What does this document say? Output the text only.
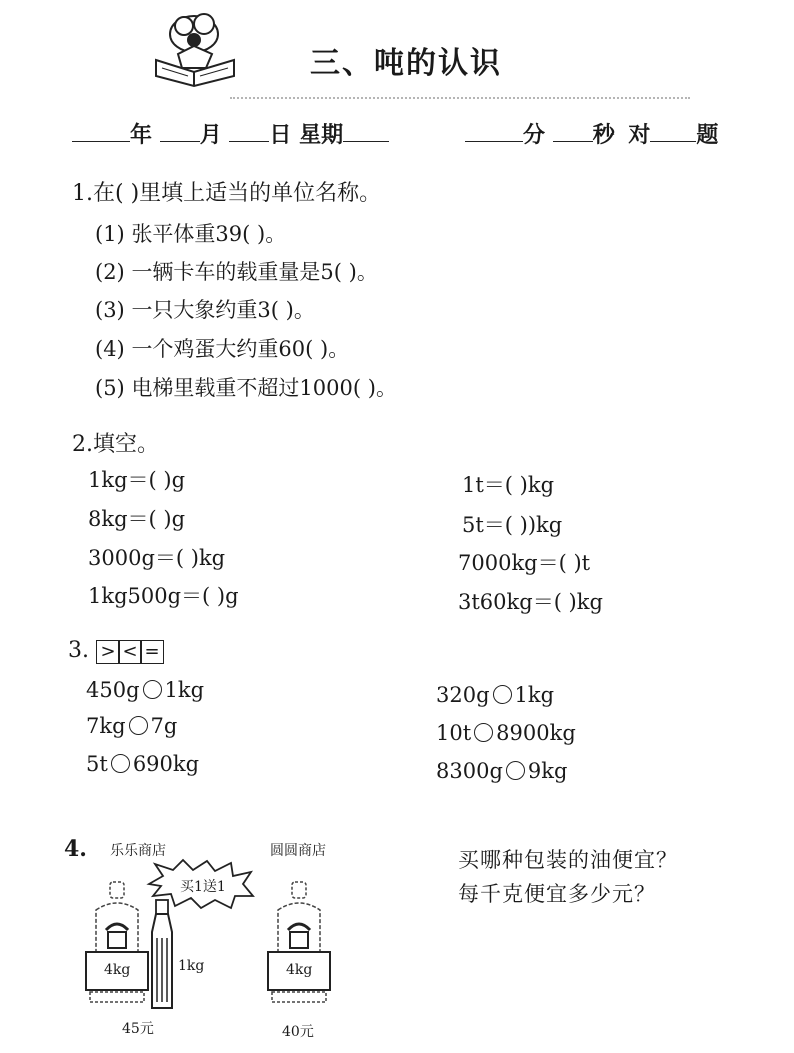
三、吨的认识
年 月 日 星期	分 秒 对 题
1.在( )里填上适当的单位名称。
(1) 张平体重39( )。
(2) 一辆卡车的载重量是5( )。
(3) 一只大象约重3( )。
(4) 一个鸡蛋大约重60( )。
(5) 电梯里载重不超过1000( )。
2.填空。
1kg＝( )g
8kg＝( )g
3000g＝( )kg
1kg500g＝( )g
1t＝( )kg
5t＝( ))kg
7000kg＝( )t
3t60kg＝( )kg
3. > < =
450g 1kg
7kg 7g
5t 690kg
320g 1kg
10t 8900kg
8300g 9kg
4. 乐乐商店	圆圆商店
买1送1
4kg	1kg
45元
4kg
40元
买哪种包装的油便宜？
每千克便宜多少元？
